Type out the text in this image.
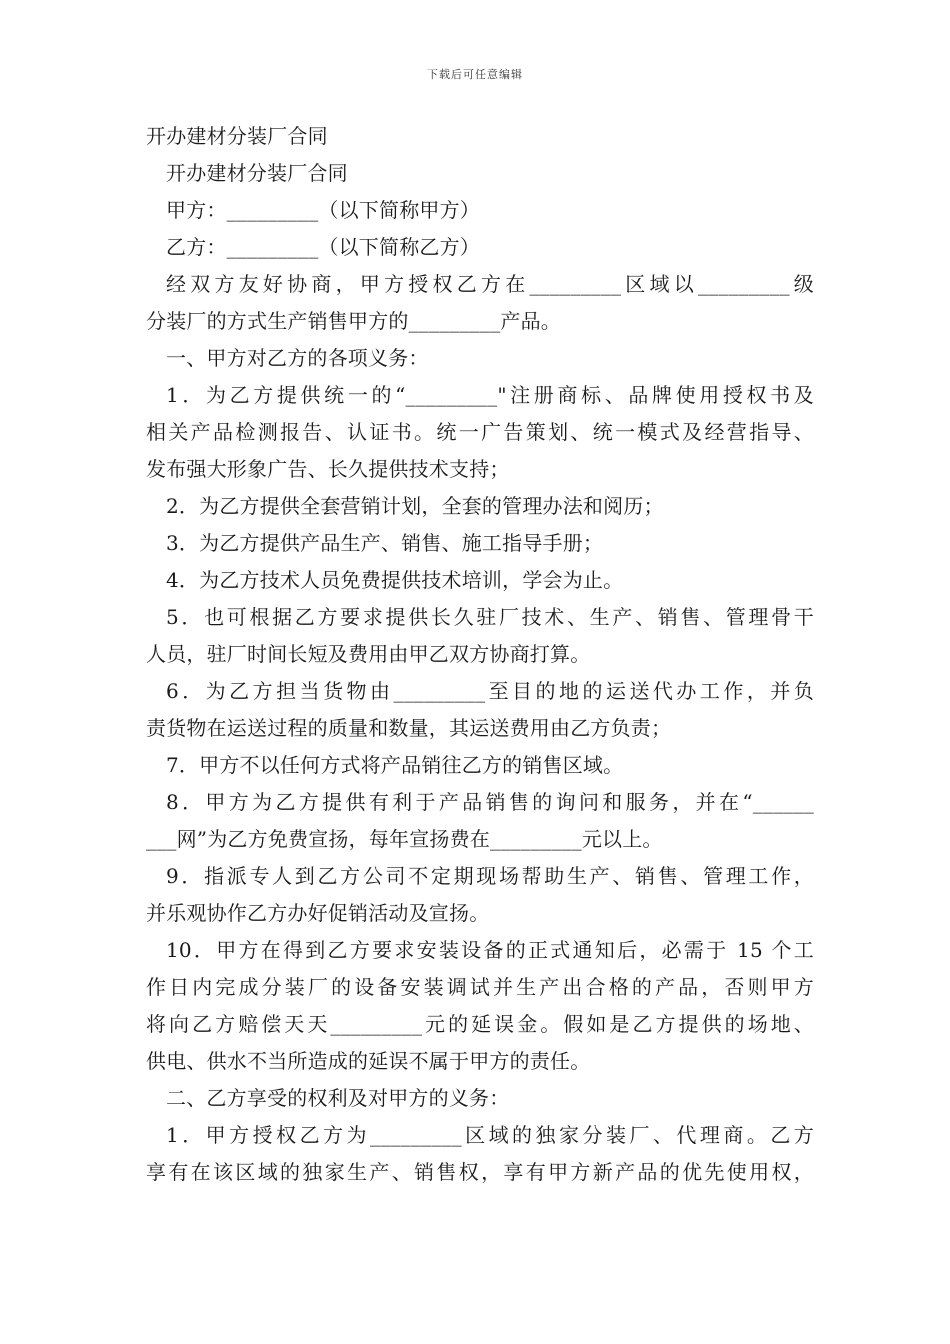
下载后可任意编辑
开办建材分装厂合同
开办建材分装厂合同
甲方：_________（以下简称甲方）
乙方：_________（以下简称乙方）
经双方友好协商，甲方授权乙方在_________区域以_________级
分装厂的方式生产销售甲方的_________产品。
一、甲方对乙方的各项义务：
1．为乙方提供统一的“_________"注册商标、品牌使用授权书及
相关产品检测报告、认证书。统一广告策划、统一模式及经营指导、
发布强大形象广告、长久提供技术支持；
2．为乙方提供全套营销计划，全套的管理办法和阅历；
3．为乙方提供产品生产、销售、施工指导手册；
4．为乙方技术人员免费提供技术培训，学会为止。
5．也可根据乙方要求提供长久驻厂技术、生产、销售、管理骨干
人员，驻厂时间长短及费用由甲乙双方协商打算。
6．为乙方担当货物由_________至目的地的运送代办工作，并负
责货物在运送过程的质量和数量，其运送费用由乙方负责；
7．甲方不以任何方式将产品销往乙方的销售区域。
8．甲方为乙方提供有利于产品销售的询问和服务，并在“______
___网”为乙方免费宣扬，每年宣扬费在_________元以上。
9．指派专人到乙方公司不定期现场帮助生产、销售、管理工作，
并乐观协作乙方办好促销活动及宣扬。
10．甲方在得到乙方要求安装设备的正式通知后，必需于 15 个工
作日内完成分装厂的设备安装调试并生产出合格的产品，否则甲方
将向乙方赔偿天天_________元的延误金。假如是乙方提供的场地、
供电、供水不当所造成的延误不属于甲方的责任。
二、乙方享受的权利及对甲方的义务：
1．甲方授权乙方为_________区域的独家分装厂、代理商。乙方
享有在该区域的独家生产、销售权，享有甲方新产品的优先使用权，
